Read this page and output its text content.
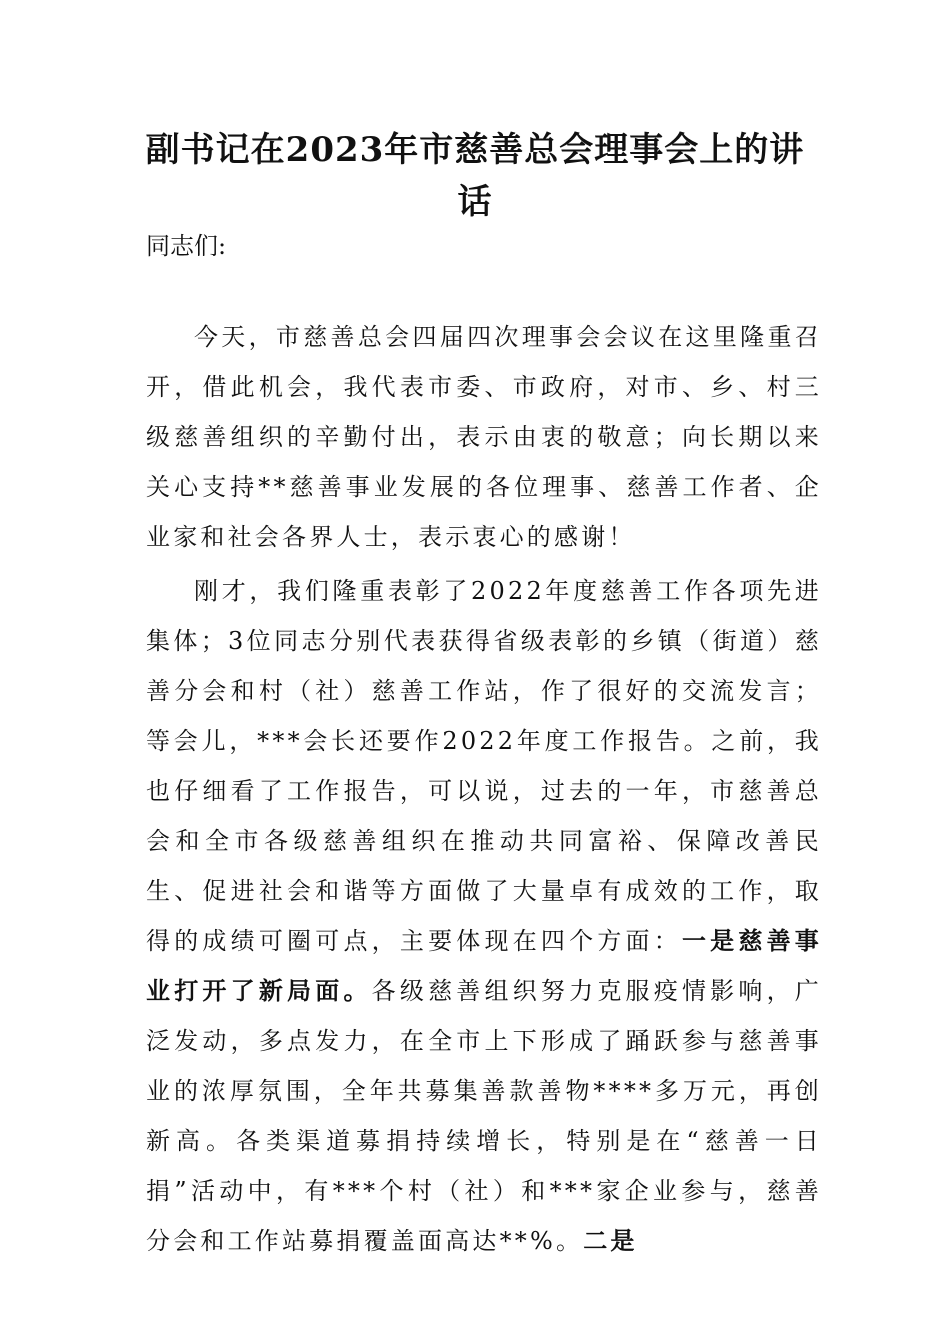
副书记在2023年市慈善总会理事会上的讲话

同志们:

今天，市慈善总会四届四次理事会会议在这里隆重召开，借此机会，我代表市委、市政府，对市、乡、村三级慈善组织的辛勤付出，表示由衷的敬意；向长期以来关心支持**慈善事业发展的各位理事、慈善工作者、企业家和社会各界人士，表示衷心的感谢！

刚才，我们隆重表彰了2022年度慈善工作各项先进集体；3位同志分别代表获得省级表彰的乡镇（街道）慈善分会和村（社）慈善工作站，作了很好的交流发言；等会儿，***会长还要作2022年度工作报告。之前，我也仔细看了工作报告，可以说，过去的一年，市慈善总会和全市各级慈善组织在推动共同富裕、保障改善民生、促进社会和谐等方面做了大量卓有成效的工作，取得的成绩可圈可点，主要体现在四个方面：一是慈善事业打开了新局面。各级慈善组织努力克服疫情影响，广泛发动，多点发力，在全市上下形成了踊跃参与慈善事业的浓厚氛围，全年共募集善款善物****多万元，再创新高。各类渠道募捐持续增长，特别是在“慈善一日捐”活动中，有***个村（社）和***家企业参与，慈善分会和工作站募捐覆盖面高达**%。二是
